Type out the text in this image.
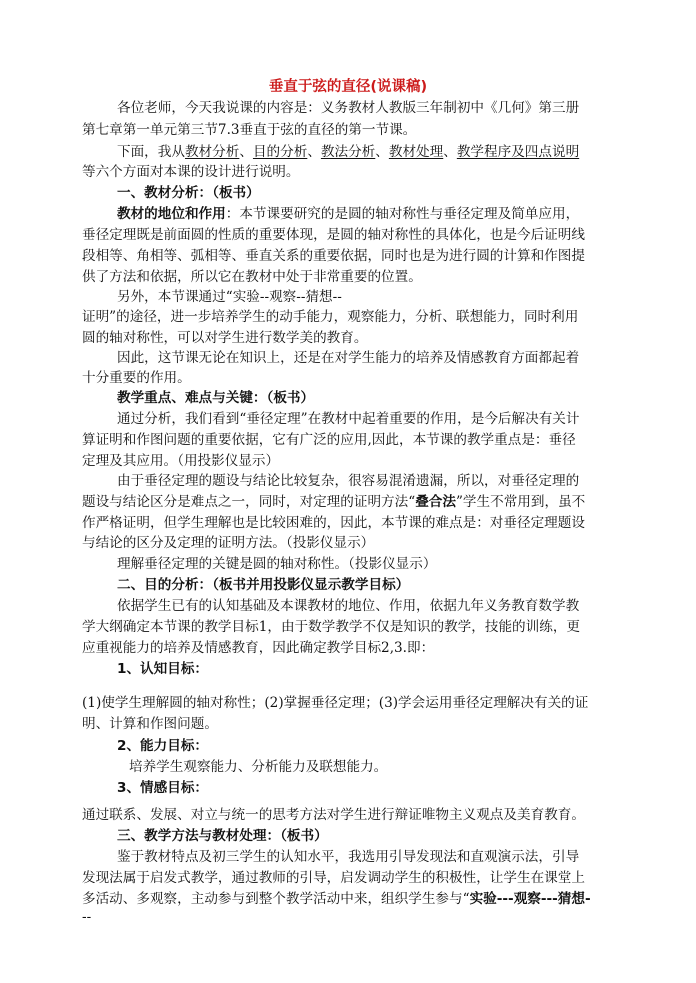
垂直于弦的直径(说课稿)
各位老师，今天我说课的内容是：义务教材人教版三年制初中《几何》第三册
第七章第一单元第三节7.3垂直于弦的直径的第一节课。
下面，我从教材分析、目的分析、教法分析、教材处理、教学程序及四点说明
等六个方面对本课的设计进行说明。
一、教材分析：（板书）
教材的地位和作用：本节课要研究的是圆的轴对称性与垂径定理及简单应用，
垂径定理既是前面圆的性质的重要体现，是圆的轴对称性的具体化，也是今后证明线
段相等、角相等、弧相等、垂直关系的重要依据，同时也是为进行圆的计算和作图提
供了方法和依据，所以它在教材中处于非常重要的位置。
另外，本节课通过“实验--观察--猜想--
证明”的途径，进一步培养学生的动手能力，观察能力，分析、联想能力，同时利用
圆的轴对称性，可以对学生进行数学美的教育。
因此，这节课无论在知识上，还是在对学生能力的培养及情感教育方面都起着
十分重要的作用。
教学重点、难点与关键：（板书）
通过分析，我们看到“垂径定理”在教材中起着重要的作用，是今后解决有关计
算证明和作图问题的重要依据，它有广泛的应用,因此，本节课的教学重点是：垂径
定理及其应用。（用投影仪显示）
由于垂径定理的题设与结论比较复杂，很容易混淆遗漏，所以，对垂径定理的
题设与结论区分是难点之一，同时，对定理的证明方法“叠合法”学生不常用到，虽不
作严格证明，但学生理解也是比较困难的，因此，本节课的难点是：对垂径定理题设
与结论的区分及定理的证明方法。（投影仪显示）
理解垂径定理的关键是圆的轴对称性。（投影仪显示）
二、目的分析：（板书并用投影仪显示教学目标）
依据学生已有的认知基础及本课教材的地位、作用，依据九年义务教育数学教
学大纲确定本节课的教学目标1，由于数学教学不仅是知识的教学，技能的训练，更
应重视能力的培养及情感教育，因此确定教学目标2,3.即：
1、认知目标：
(1)使学生理解圆的轴对称性；(2)掌握垂径定理；(3)学会运用垂径定理解决有关的证
明、计算和作图问题。
2、能力目标：
培养学生观察能力、分析能力及联想能力。
3、情感目标：
通过联系、发展、对立与统一的思考方法对学生进行辩证唯物主义观点及美育教育。
三、教学方法与教材处理：（板书）
鉴于教材特点及初三学生的认知水平，我选用引导发现法和直观演示法，引导
发现法属于启发式教学，通过教师的引导，启发调动学生的积极性，让学生在课堂上
多活动、多观察，主动参与到整个教学活动中来，组织学生参与“实验---观察---猜想-
--
